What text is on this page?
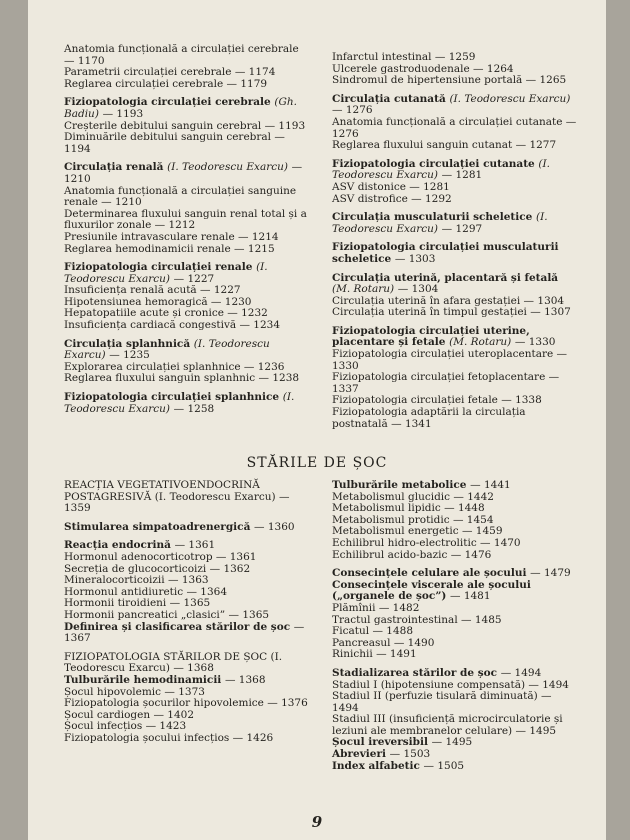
Anatomia funcțională a circulației cerebrale — 1170
Parametrii circulației cerebrale — 1174
Reglarea circulației cerebrale — 1179
Fiziopatologia circulației cerebrale (Gh. Badiu) — 1193
Creșterile debitului sanguin cerebral — 1193
Diminuările debitului sanguin cerebral — 1194
Circulația renală (I. Teodorescu Exarcu) — 1210
Anatomia funcțională a circulației sanguine renale — 1210
Determinarea fluxului sanguin renal total și a fluxurilor zonale — 1212
Presiunile intravasculare renale — 1214
Reglarea hemodinamicii renale — 1215
Fiziopatologia circulației renale (I. Teodorescu Exarcu) — 1227
Insuficiența renală acută — 1227
Hipotensiunea hemoragică — 1230
Hepatopatiile acute și cronice — 1232
Insuficiența cardiacă congestivă — 1234
Circulația splanhnică (I. Teodorescu Exarcu) — 1235
Explorarea circulației splanhnice — 1236
Reglarea fluxului sanguin splanhnic — 1238
Fiziopatologia circulației splanhnice (I. Teodorescu Exarcu) — 1258
Infarctul intestinal — 1259
Ulcerele gastroduodenale — 1264
Sindromul de hipertensiune portală — 1265
Circulația cutanată (I. Teodorescu Exarcu) — 1276
Anatomia funcțională a circulației cutanate — 1276
Reglarea fluxului sanguin cutanat — 1277
Fiziopatologia circulației cutanate (I. Teodorescu Exarcu) — 1281
ASV distonice — 1281
ASV distrofice — 1292
Circulația musculaturii scheletice (I. Teodorescu Exarcu) — 1297
Fiziopatologia circulației musculaturii scheletice — 1303
Circulația uterină, placentară și fetală (M. Rotaru) — 1304
Circulația uterină în afara gestației — 1304
Circulația uterină în timpul gestației — 1307
Fiziopatologia circulației uterine, placentare și fetale (M. Rotaru) — 1330
Fiziopatologia circulației uteroplacentare — 1330
Fiziopatologia circulației fetoplacentare — 1337
Fiziopatologia circulației fetale — 1338
Fiziopatologia adaptării la circulația postnatală — 1341
STĂRILE DE ȘOC
REACȚIA VEGETATIVOENDOCRINĂ POSTAGRESIVĂ (I. Teodorescu Exarcu) — 1359
Stimularea simpatoadrenergică — 1360
Reacția endocrină — 1361
Hormonul adenocorticotrop — 1361
Secreția de glucocorticoizi — 1362
Mineralocorticoizii — 1363
Hormonul antidiuretic — 1364
Hormonii tiroidieni — 1365
Hormonii pancreatici „clasici” — 1365
Definirea și clasificarea stărilor de șoc — 1367
FIZIOPATOLOGIA STĂRILOR DE ȘOC (I. Teodorescu Exarcu) — 1368
Tulburările hemodinamicii — 1368
Șocul hipovolemic — 1373
Fiziopatologia șocurilor hipovolemice — 1376
Șocul cardiogen — 1402
Șocul infecțios — 1423
Fiziopatologia șocului infecțios — 1426
Tulburările metabolice — 1441
Metabolismul glucidic — 1442
Metabolismul lipidic — 1448
Metabolismul protidic — 1454
Metabolismul energetic — 1459
Echilibrul hidro-electrolitic — 1470
Echilibrul acido-bazic — 1476
Consecințele celulare ale șocului — 1479
Consecințele viscerale ale șocului („organele de șoc”) — 1481
Plămînii — 1482
Tractul gastrointestinal — 1485
Ficatul — 1488
Pancreasul — 1490
Rinichii — 1491
Stadializarea stărilor de șoc — 1494
Stadiul I (hipotensiune compensată) — 1494
Stadiul II (perfuzie tisulară diminuată) — 1494
Stadiul III (insuficiență microcirculatorie și leziuni ale membranelor celulare) — 1495
Șocul ireversibil — 1495
Abrevieri — 1503
Index alfabetic — 1505
9
